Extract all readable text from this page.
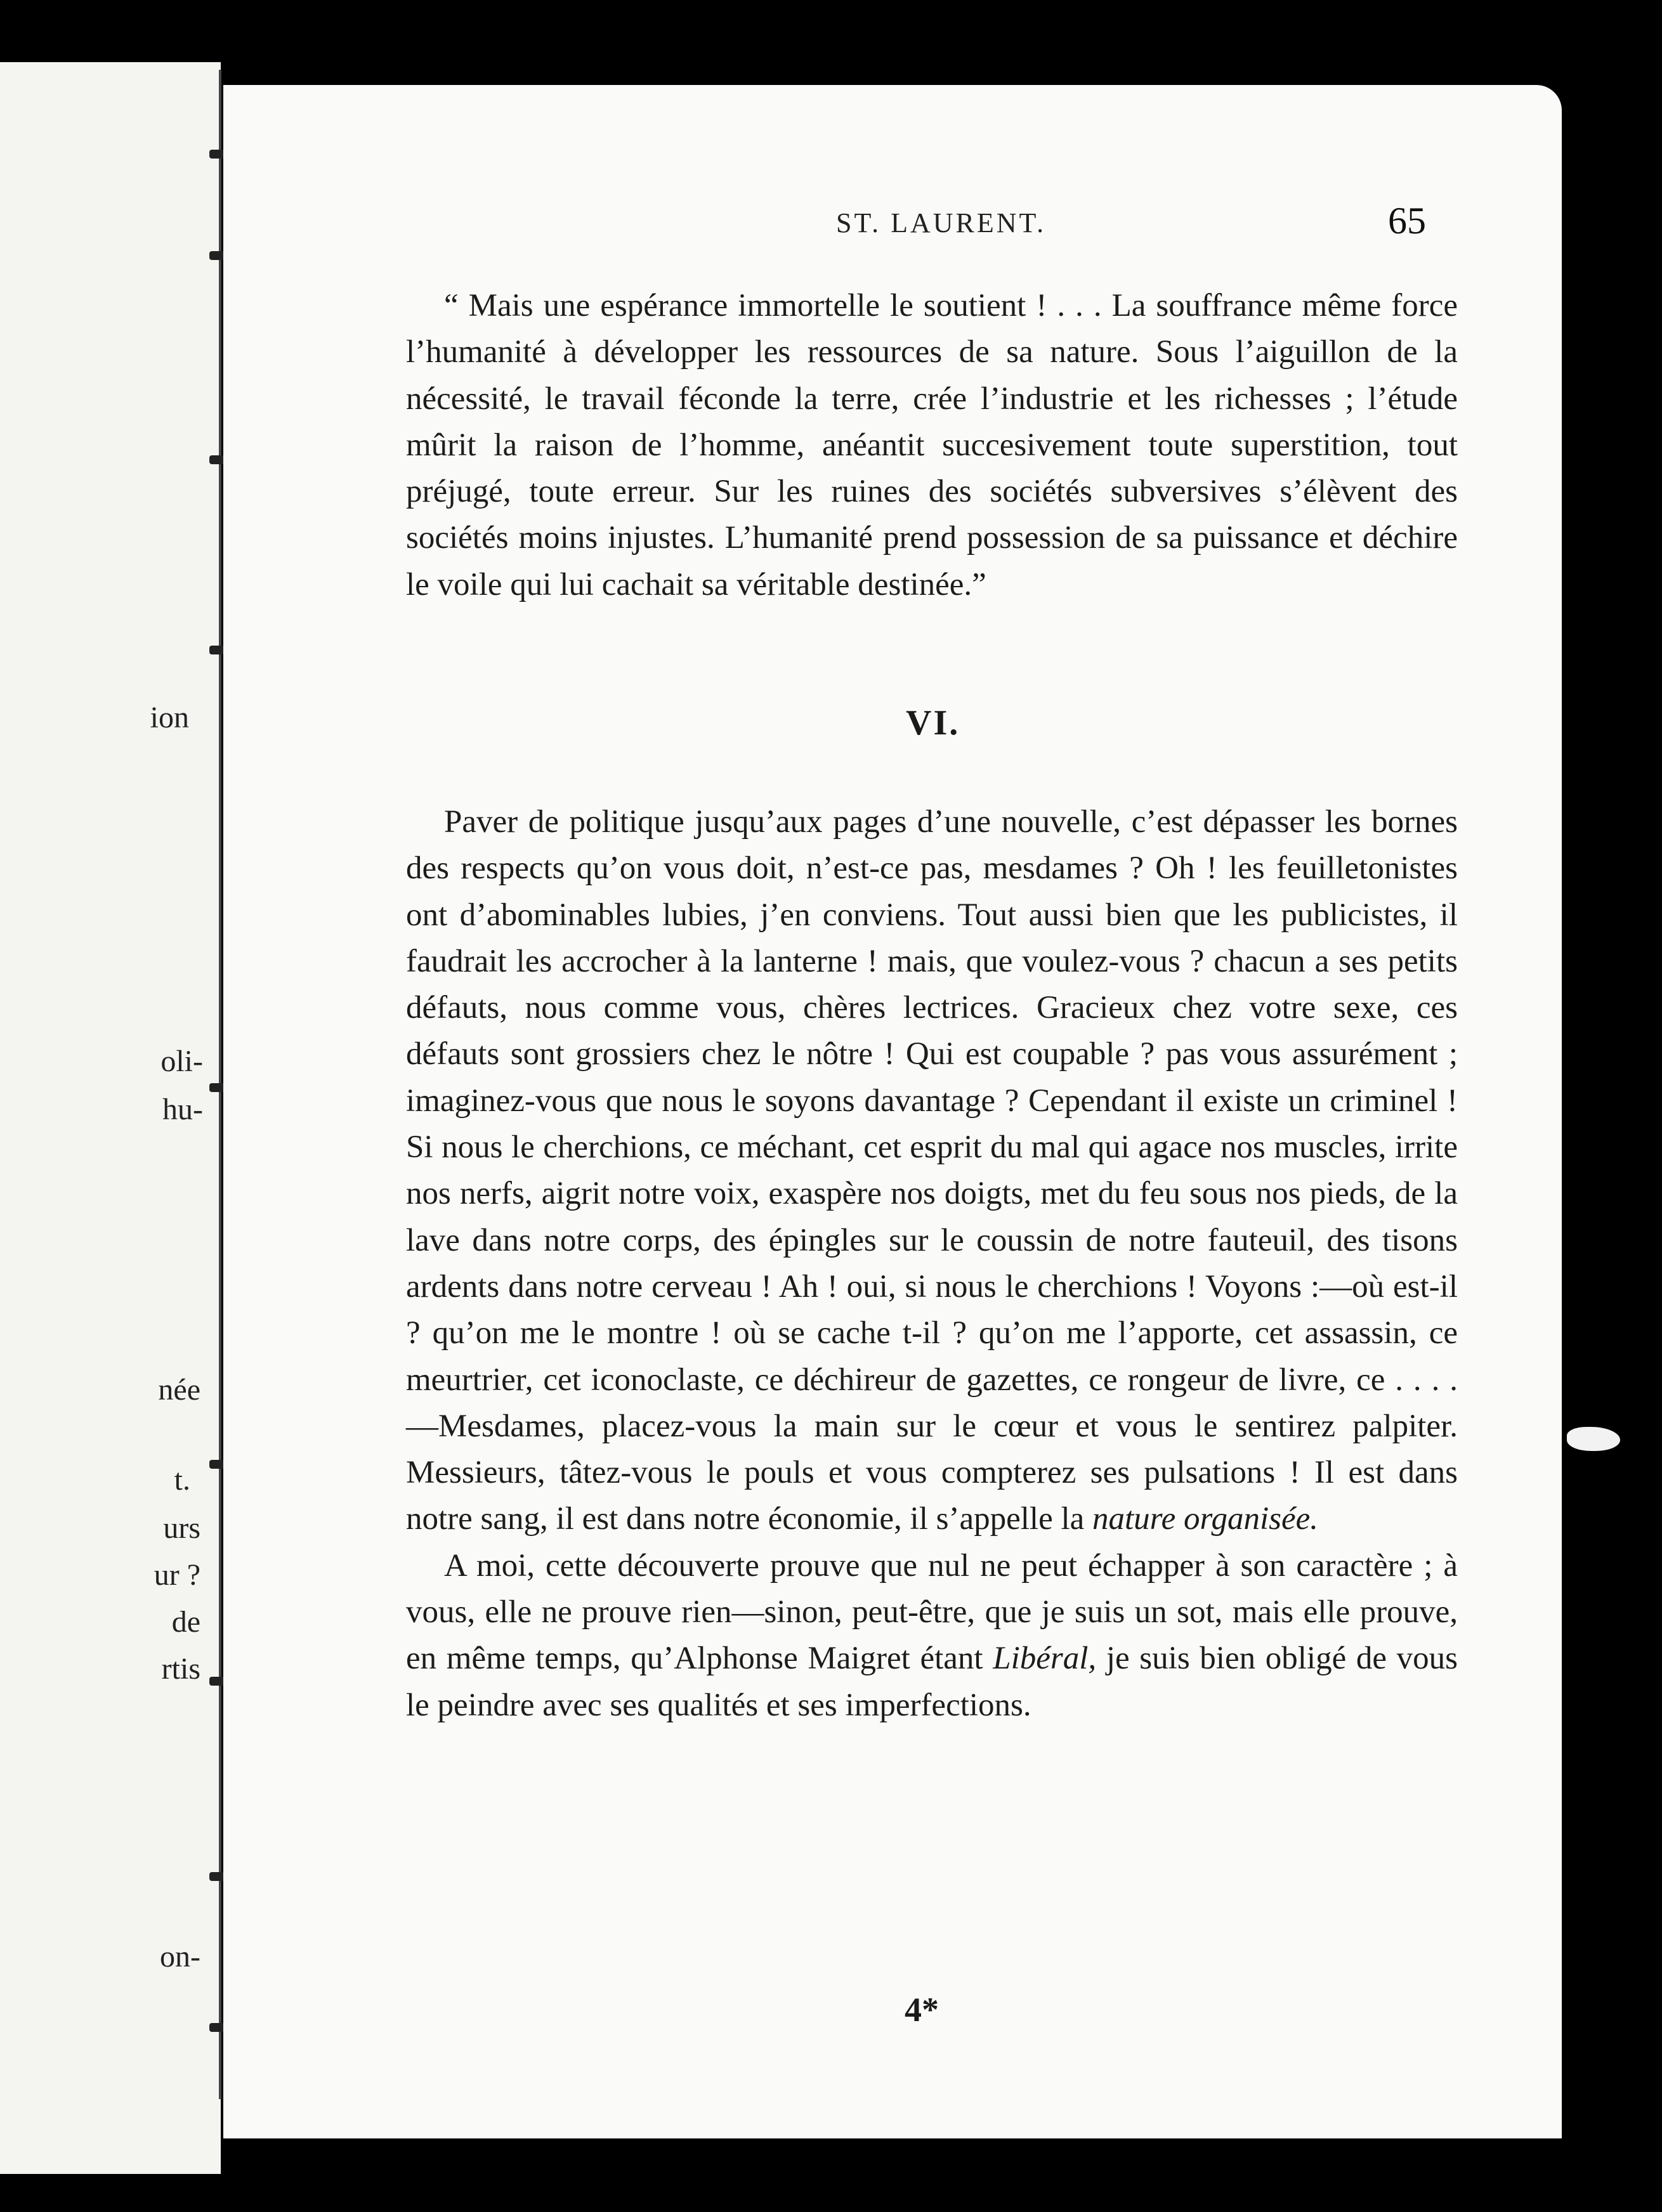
ion
oli-
hu-
née
t.
urs
ur ?
de
rtis
on-
ST. LAURENT.	65

“ Mais une espérance immortelle le soutient ! . . . La souffrance même force l’humanité à développer les ressources de sa nature. Sous l’aiguillon de la nécessité, le travail féconde la terre, crée l’industrie et les richesses ; l’étude mûrit la raison de l’homme, anéantit succesivement toute superstition, tout préjugé, toute erreur. Sur les ruines des sociétés subversives s’élèvent des sociétés moins injustes. L’humanité prend possession de sa puissance et déchire le voile qui lui cachait sa véritable destinée.”

VI.

Paver de politique jusqu’aux pages d’une nouvelle, c’est dépasser les bornes des respects qu’on vous doit, n’est-ce pas, mesdames ? Oh ! les feuilletonistes ont d’abominables lubies, j’en conviens. Tout aussi bien que les publicistes, il faudrait les accrocher à la lanterne ! mais, que voulez-vous ? chacun a ses petits défauts, nous comme vous, chères lectrices. Gracieux chez votre sexe, ces défauts sont grossiers chez le nôtre ! Qui est coupable ? pas vous assurément ; imaginez-vous que nous le soyons davantage ? Cependant il existe un criminel ! Si nous le cherchions, ce méchant, cet esprit du mal qui agace nos muscles, irrite nos nerfs, aigrit notre voix, exaspère nos doigts, met du feu sous nos pieds, de la lave dans notre corps, des épingles sur le coussin de notre fauteuil, des tisons ardents dans notre cerveau ! Ah ! oui, si nous le cherchions ! Voyons :—où est-il ? qu’on me le montre ! où se cache t-il ? qu’on me l’apporte, cet assassin, ce meurtrier, cet iconoclaste, ce déchireur de gazettes, ce rongeur de livre, ce . . . .—Mesdames, placez-vous la main sur le cœur et vous le sentirez palpiter. Messieurs, tâtez-vous le pouls et vous compterez ses pulsations ! Il est dans notre sang, il est dans notre économie, il s’appelle la nature organisée.

A moi, cette découverte prouve que nul ne peut échapper à son caractère ; à vous, elle ne prouve rien—sinon, peut-être, que je suis un sot, mais elle prouve, en même temps, qu’Alphonse Maigret étant Libéral, je suis bien obligé de vous le peindre avec ses qualités et ses imperfections.

4*
